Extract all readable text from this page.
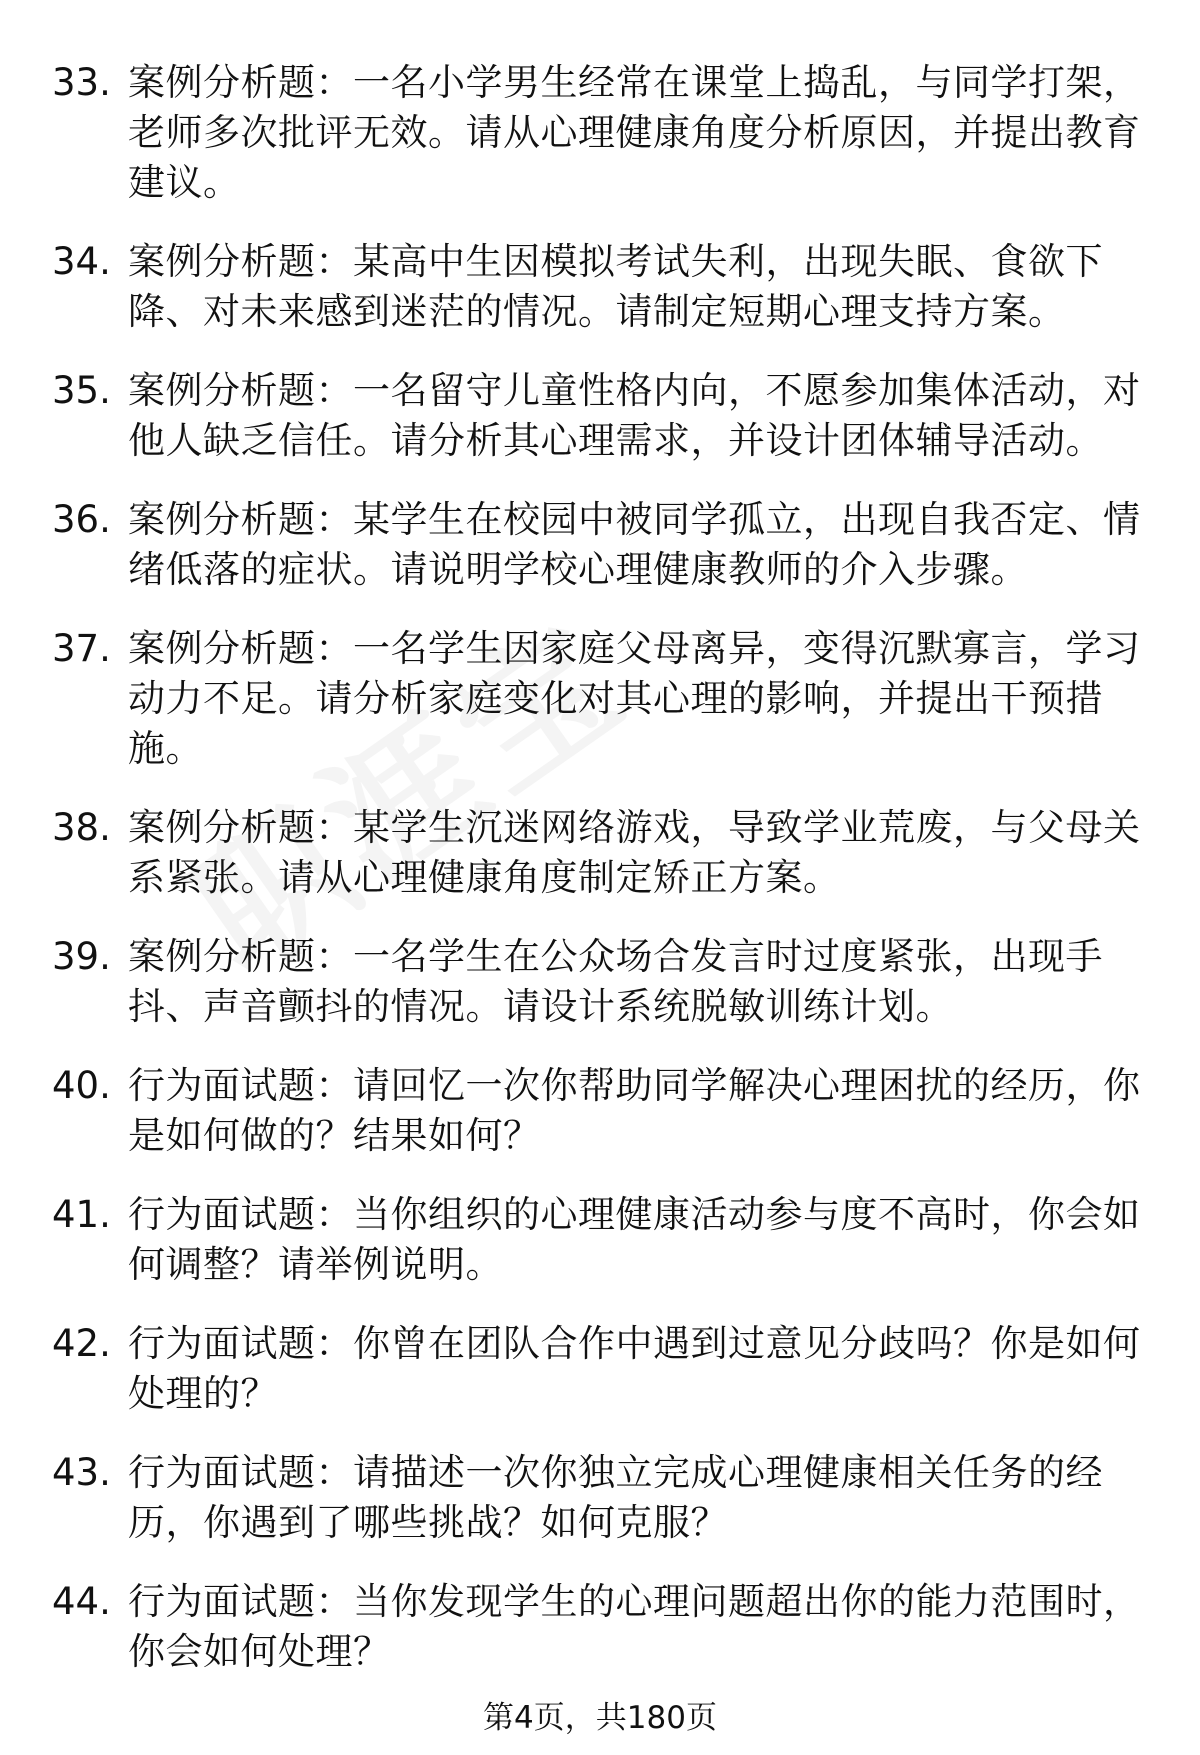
33. 案例分析题：一名小学男生经常在课堂上捣乱，与同学打架，老师多次批评无效。请从心理健康角度分析原因，并提出教育建议。
34. 案例分析题：某高中生因模拟考试失利，出现失眠、食欲下降、对未来感到迷茫的情况。请制定短期心理支持方案。
35. 案例分析题：一名留守儿童性格内向，不愿参加集体活动，对他人缺乏信任。请分析其心理需求，并设计团体辅导活动。
36. 案例分析题：某学生在校园中被同学孤立，出现自我否定、情绪低落的症状。请说明学校心理健康教师的介入步骤。
37. 案例分析题：一名学生因家庭父母离异，变得沉默寡言，学习动力不足。请分析家庭变化对其心理的影响，并提出干预措施。
38. 案例分析题：某学生沉迷网络游戏，导致学业荒废，与父母关系紧张。请从心理健康角度制定矫正方案。
39. 案例分析题：一名学生在公众场合发言时过度紧张，出现手抖、声音颤抖的情况。请设计系统脱敏训练计划。
40. 行为面试题：请回忆一次你帮助同学解决心理困扰的经历，你是如何做的？结果如何？
41. 行为面试题：当你组织的心理健康活动参与度不高时，你会如何调整？请举例说明。
42. 行为面试题：你曾在团队合作中遇到过意见分歧吗？你是如何处理的？
43. 行为面试题：请描述一次你独立完成心理健康相关任务的经历，你遇到了哪些挑战？如何克服？
44. 行为面试题：当你发现学生的心理问题超出你的能力范围时，你会如何处理？
第4页，共180页
